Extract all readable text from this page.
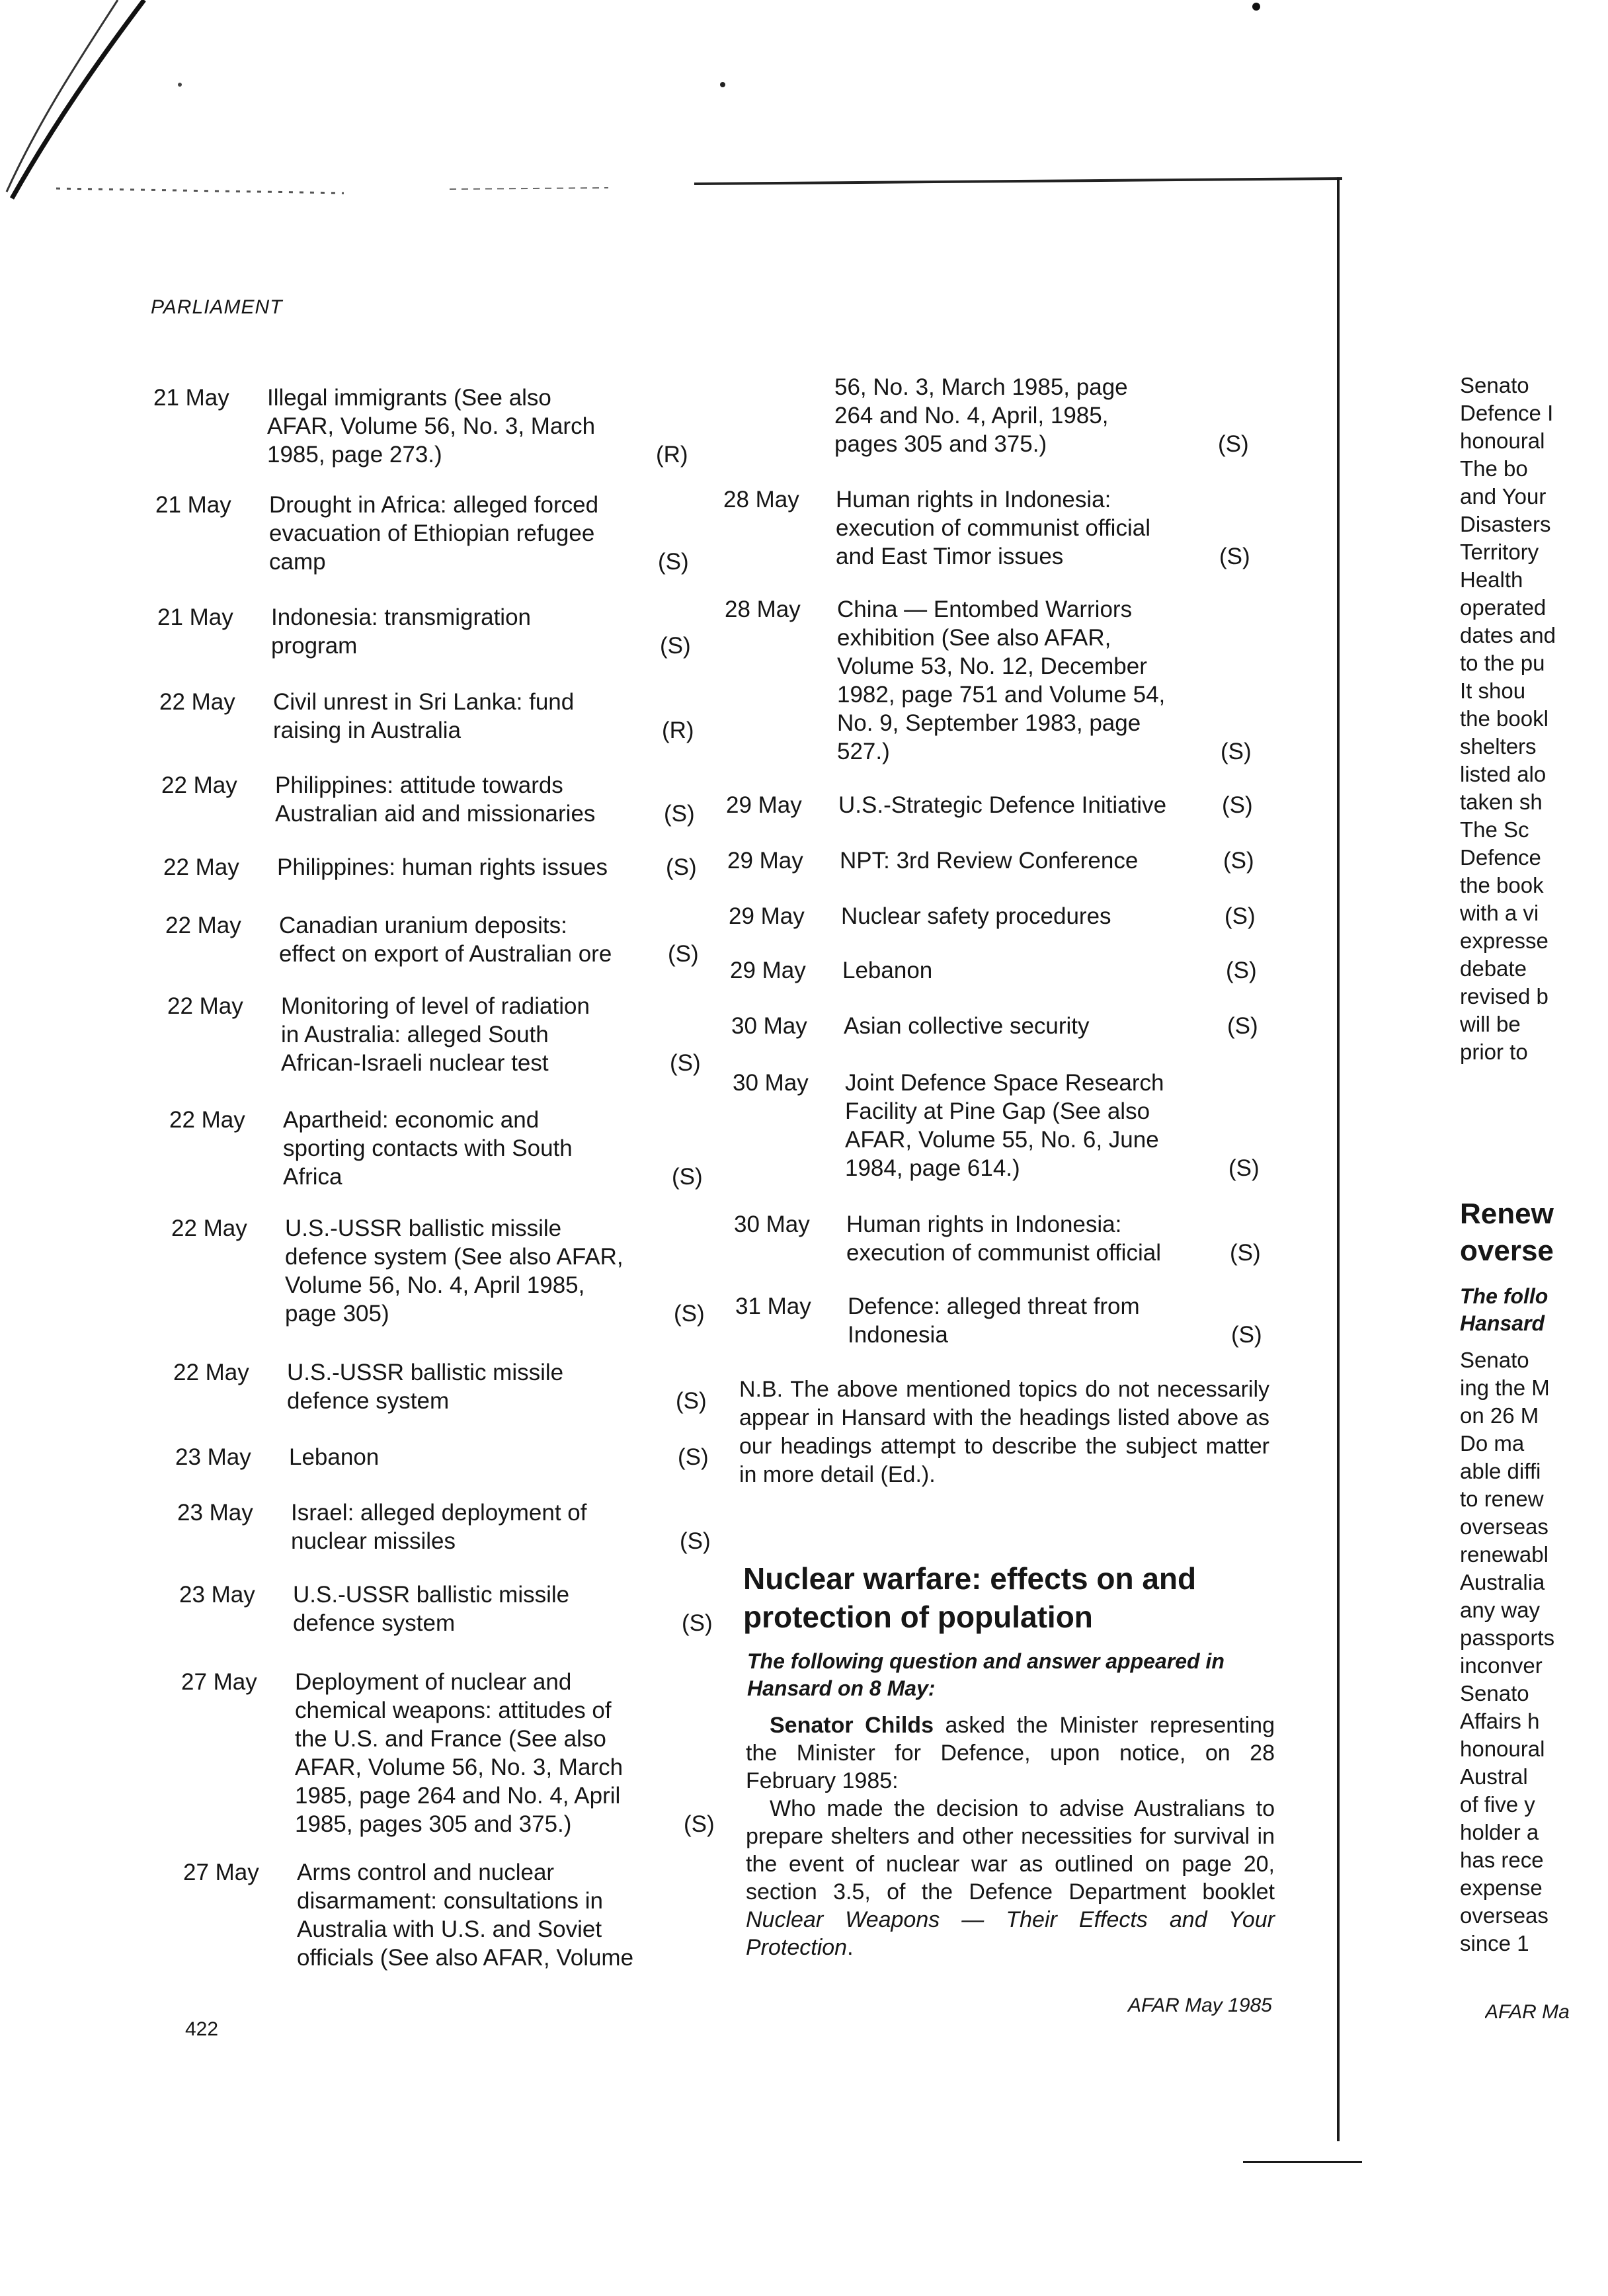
PARLIAMENT
21 May Illegal immigrants (See also
AFAR, Volume 56, No. 3, March
1985, page 273.)	(R)
21 May Drought in Africa: alleged forced
evacuation of Ethiopian refugee
camp	(S)
21 May Indonesia: transmigration
program	(S)
22 May Civil unrest in Sri Lanka: fund
raising in Australia	(R)
22 May Philippines: attitude towards
Australian aid and missionaries	(S)
22 May Philippines: human rights issues	(S)
22 May Canadian uranium deposits:
effect on export of Australian ore	(S)
22 May Monitoring of level of radiation
in Australia: alleged South
African-Israeli nuclear test	(S)
22 May Apartheid: economic and
sporting contacts with South
Africa	(S)
22 May U.S.-USSR ballistic missile
defence system (See also AFAR,
Volume 56, No. 4, April 1985,
page 305)	(S)
22 May U.S.-USSR ballistic missile
defence system	(S)
23 May Lebanon	(S)
23 May Israel: alleged deployment of
nuclear missiles	(S)
23 May U.S.-USSR ballistic missile
defence system	(S)
27 May Deployment of nuclear and
chemical weapons: attitudes of
the U.S. and France (See also
AFAR, Volume 56, No. 3, March
1985, page 264 and No. 4, April
1985, pages 305 and 375.)	(S)
27 May Arms control and nuclear
disarmament: consultations in
Australia with U.S. and Soviet
officials (See also AFAR, Volume
56, No. 3, March 1985, page
264 and No. 4, April, 1985,
pages 305 and 375.)	(S)
28 May Human rights in Indonesia:
execution of communist official
and East Timor issues	(S)
28 May China — Entombed Warriors
exhibition (See also AFAR,
Volume 53, No. 12, December
1982, page 751 and Volume 54,
No. 9, September 1983, page
527.)	(S)
29 May U.S.-Strategic Defence Initiative	(S)
29 May NPT: 3rd Review Conference	(S)
29 May Nuclear safety procedures	(S)
29 May Lebanon	(S)
30 May Asian collective security	(S)
30 May Joint Defence Space Research
Facility at Pine Gap (See also
AFAR, Volume 55, No. 6, June
1984, page 614.)	(S)
30 May Human rights in Indonesia:
execution of communist official	(S)
31 May Defence: alleged threat from
Indonesia	(S)
N.B. The above mentioned topics do not necessarily appear in Hansard with the headings listed above as our headings attempt to describe the subject matter in more detail (Ed.).
Nuclear warfare: effects on and
protection of population
The following question and answer appeared in
Hansard on 8 May:
Senator Childs asked the Minister representing the Minister for Defence, upon notice, on 28 February 1985:
Who made the decision to advise Australians to prepare shelters and other necessities for survival in the event of nuclear war as outlined on page 20, section 3.5, of the Defence Department booklet Nuclear Weapons — Their Effects and Your Protection.
422
AFAR May 1985	AFAR Ma
Senato
Defence I
honoural
The bo
and Your
Disasters
Territory
Health
operated
dates and
to the pu
It shou
the bookl
shelters
listed alo
taken sh
The Sc
Defence
the book
with a vi
expresse
debate
revised b
will be
prior to
Renew
overse
The follo
Hansard
Senato
ing the M
on 26 M
Do ma
able diffi
to renew
overseas
renewabl
Australia
any way
passports
inconver
Senato
Affairs h
honoural
Austral
of five y
holder a
has rece
expense
overseas
since 1
